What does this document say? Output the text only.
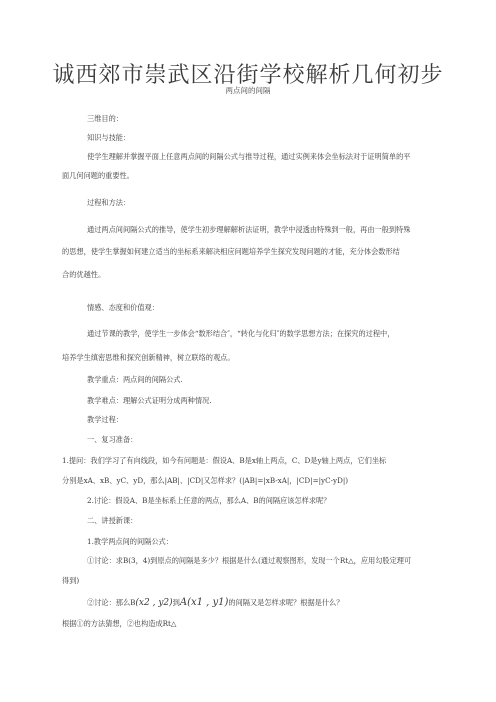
诚西郊市崇武区沿街学校解析几何初步
两点间的间隔
三维目的：
知识与技能：
使学生理解并掌握平面上任意两点间的间隔公式与推导过程，通过实例来体会坐标法对于证明简单的平
面几何问题的重要性。
过程和方法：
通过两点间间隔公式的推导，使学生初步理解解析法证明，教学中浸透由特殊到一般，再由一般到特殊
的思想，使学生掌握如何建立适当的坐标系来解决相应问题培养学生探究发现问题的才能，充分体会数形结
合的优越性。
情感、态度和价值观：
通过节课的教学，使学生一步体会“数形结合″，“转化与化归″的数学思想方法；在探究的过程中，
培养学生缜密思维和探究创新精神，树立联络的观点。
教学重点：两点间的间隔公式.
教学难点：理解公式证明分成两种情况.
教学过程：
一、复习准备：
1.提问：我们学习了有向线段，如今有问题是：假设A、B是x轴上两点，C、D是y轴上两点，它们坐标
分别是xA、xB、yC、yD，那么|AB|、|CD|又怎样求？(|AB|=|xB-xA|，|CD|=|yC-yD|)
2.讨论：假设A、B是坐标系上任意的两点，那么A、B的间隔应该怎样求呢？
二、讲授新课：
1.教学两点间的间隔公式：
①讨论：求B(3，4)到原点的间隔是多少？根据是什么(通过观察图形，发现一个Rt△，应用勾股定理可
得到)
②讨论：那么B(x2 , y2)到A(x1 , y1)的间隔又是怎样求呢？根据是什么？
根据①的方法猜想，②也构造成Rt△
